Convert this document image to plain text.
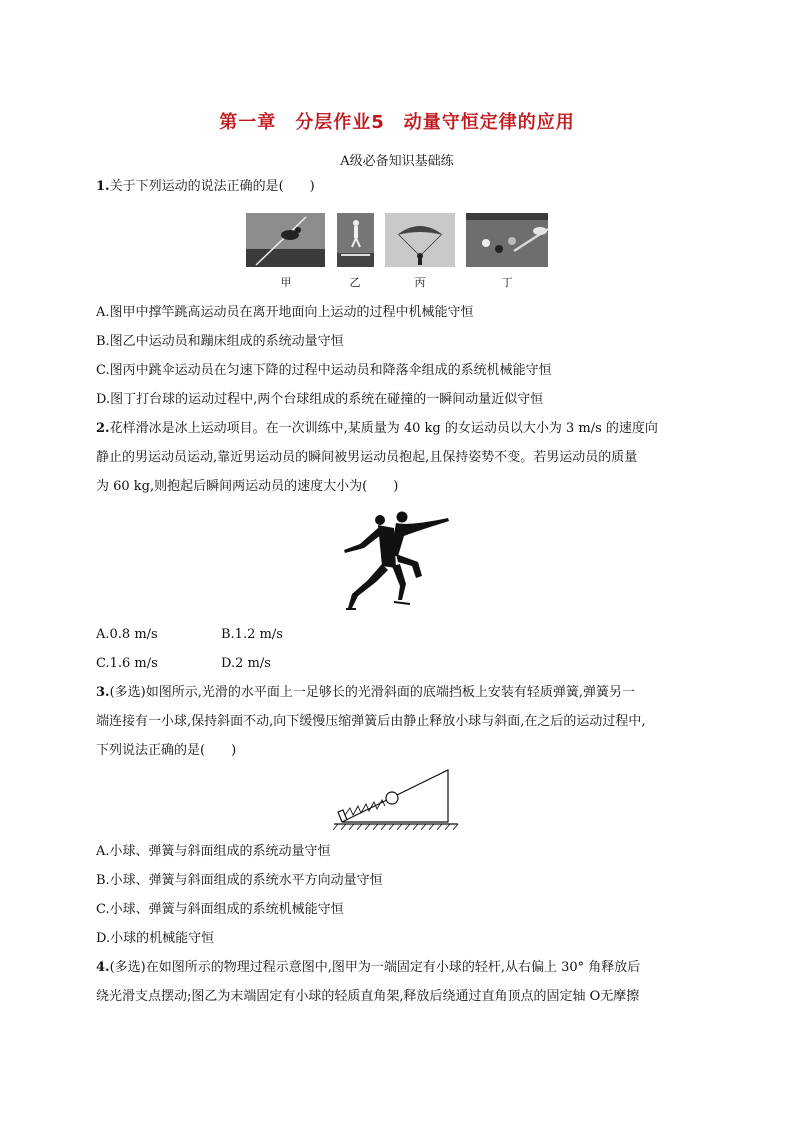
第一章　分层作业5　动量守恒定律的应用
A级必备知识基础练
1.关于下列运动的说法正确的是(　　)
甲	乙	丙	丁
A.图甲中撑竿跳高运动员在离开地面向上运动的过程中机械能守恒
B.图乙中运动员和蹦床组成的系统动量守恒
C.图丙中跳伞运动员在匀速下降的过程中运动员和降落伞组成的系统机械能守恒
D.图丁打台球的运动过程中,两个台球组成的系统在碰撞的一瞬间动量近似守恒
2.花样滑冰是冰上运动项目。在一次训练中,某质量为 40 kg 的女运动员以大小为 3 m/s 的速度向
静止的男运动员运动,靠近男运动员的瞬间被男运动员抱起,且保持姿势不变。若男运动员的质量
为 60 kg,则抱起后瞬间两运动员的速度大小为(　　)
A.0.8 m/s	B.1.2 m/s
C.1.6 m/s	D.2 m/s
3.(多选)如图所示,光滑的水平面上一足够长的光滑斜面的底端挡板上安装有轻质弹簧,弹簧另一
端连接有一小球,保持斜面不动,向下缓慢压缩弹簧后由静止释放小球与斜面,在之后的运动过程中,
下列说法正确的是(　　)
A.小球、弹簧与斜面组成的系统动量守恒
B.小球、弹簧与斜面组成的系统水平方向动量守恒
C.小球、弹簧与斜面组成的系统机械能守恒
D.小球的机械能守恒
4.(多选)在如图所示的物理过程示意图中,图甲为一端固定有小球的轻杆,从右偏上 30° 角释放后
绕光滑支点摆动;图乙为末端固定有小球的轻质直角架,释放后绕通过直角顶点的固定轴 O无摩擦
